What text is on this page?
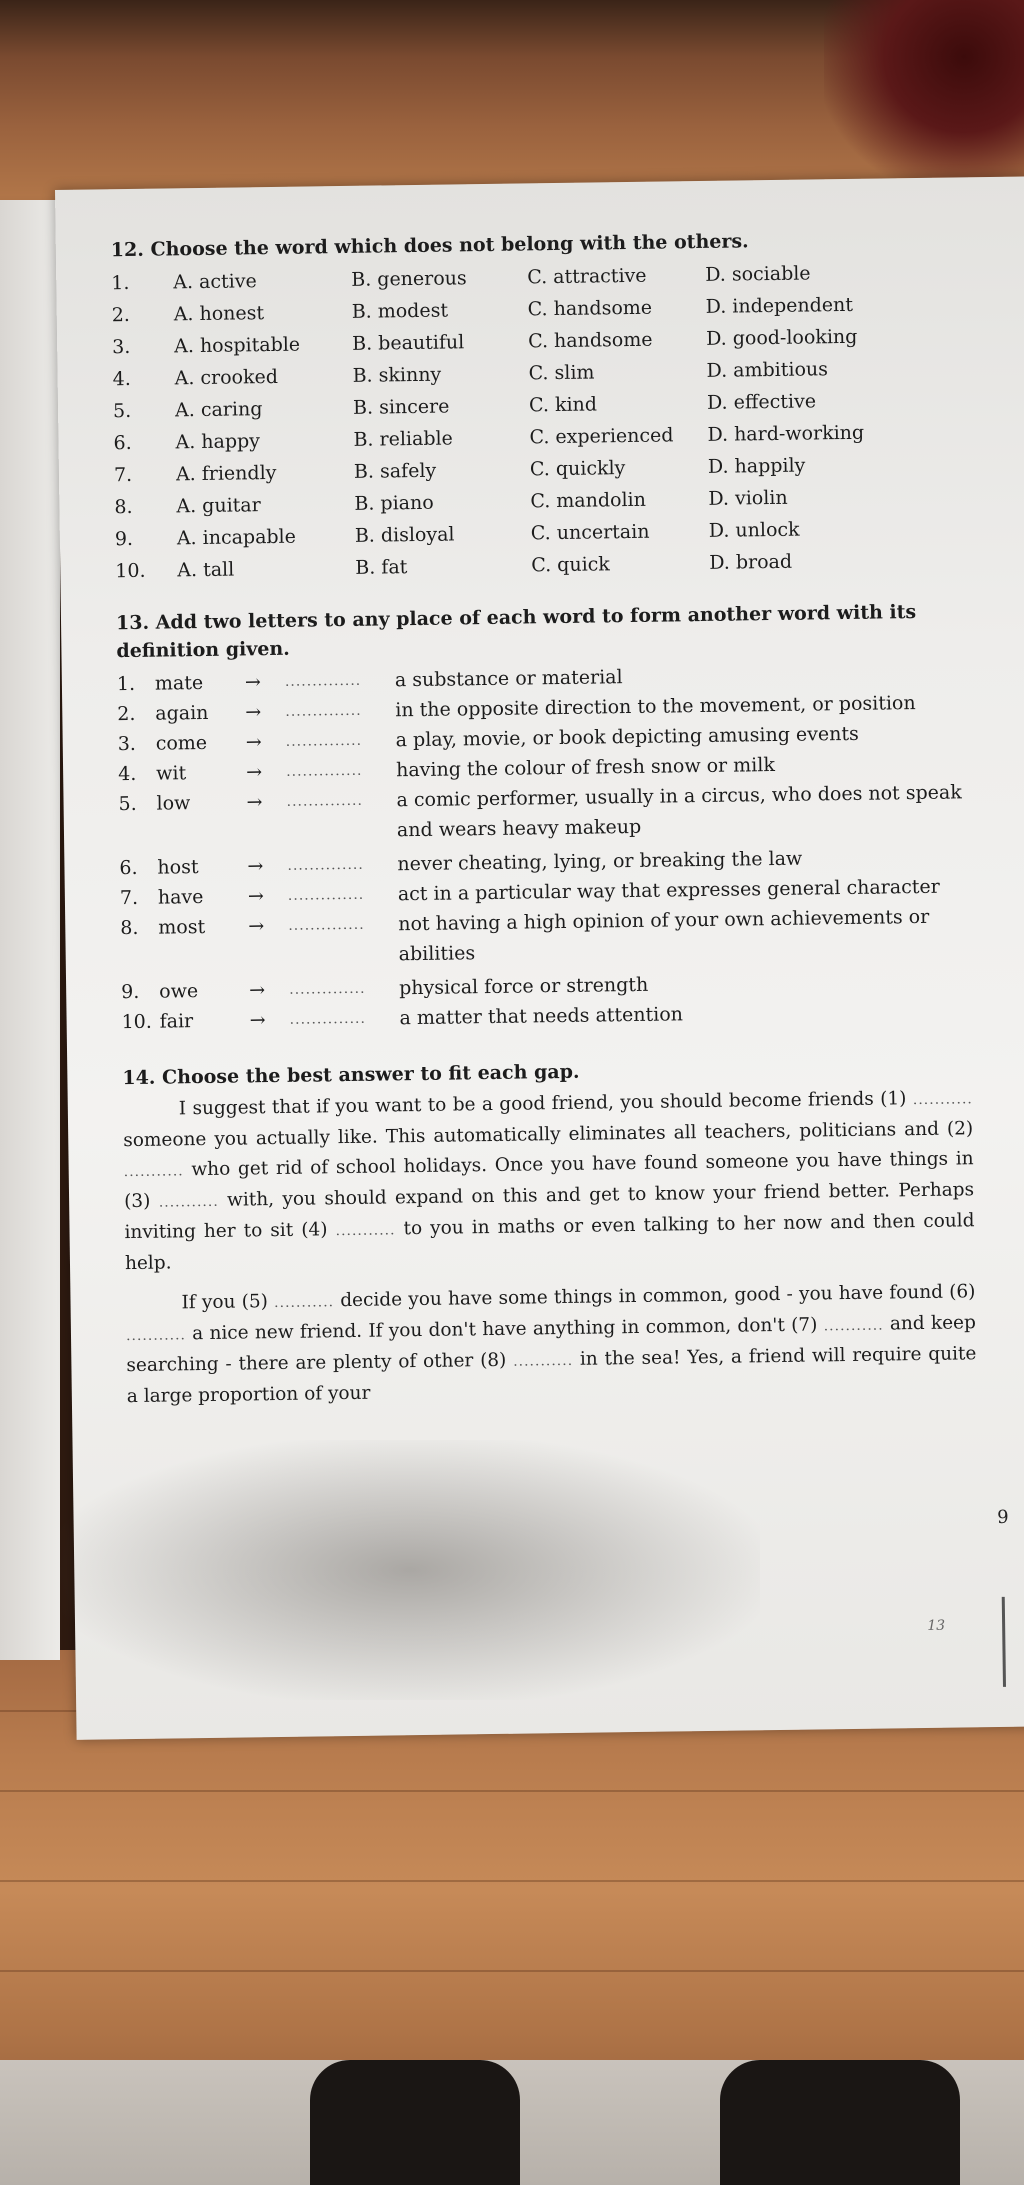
12. Choose the word which does not belong with the others.
1.	A. active	B. generous	C. attractive	D. sociable
2.	A. honest	B. modest	C. handsome	D. independent
3.	A. hospitable	B. beautiful	C. handsome	D. good-looking
4.	A. crooked	B. skinny	C. slim	D. ambitious
5.	A. caring	B. sincere	C. kind	D. effective
6.	A. happy	B. reliable	C. experienced	D. hard-working
7.	A. friendly	B. safely	C. quickly	D. happily
8.	A. guitar	B. piano	C. mandolin	D. violin
9.	A. incapable	B. disloyal	C. uncertain	D. unlock
10.	A. tall	B. fat	C. quick	D. broad
13. Add two letters to any place of each word to form another word with its definition given.
1.	mate	→	..............	a substance or material
2.	again	→	..............	in the opposite direction to the movement, or position
3.	come	→	..............	a play, movie, or book depicting amusing events
4.	wit	→	..............	having the colour of fresh snow or milk
5.	low	→	..............	a comic performer, usually in a circus, who does not speak and wears heavy makeup
6.	host	→	..............	never cheating, lying, or breaking the law
7.	have	→	..............	act in a particular way that expresses general character
8.	most	→	..............	not having a high opinion of your own achievements or abilities
9.	owe	→	..............	physical force or strength
10. fair	→	..............	a matter that needs attention
14. Choose the best answer to fit each gap.
I suggest that if you want to be a good friend, you should become friends (1) ........... someone you actually like. This automatically eliminates all teachers, politicians and (2) ........... who get rid of school holidays. Once you have found someone you have things in (3) ........... with, you should expand on this and get to know your friend better. Perhaps inviting her to sit (4) ........... to you in maths or even talking to her now and then could help.
If you (5) ........... decide you have some things in common, good - you have found (6) ........... a nice new friend. If you don't have anything in common, don't (7) ........... and keep searching - there are plenty of other (8) ........... in the sea! Yes, a friend will require quite a large proportion of your
9
13
